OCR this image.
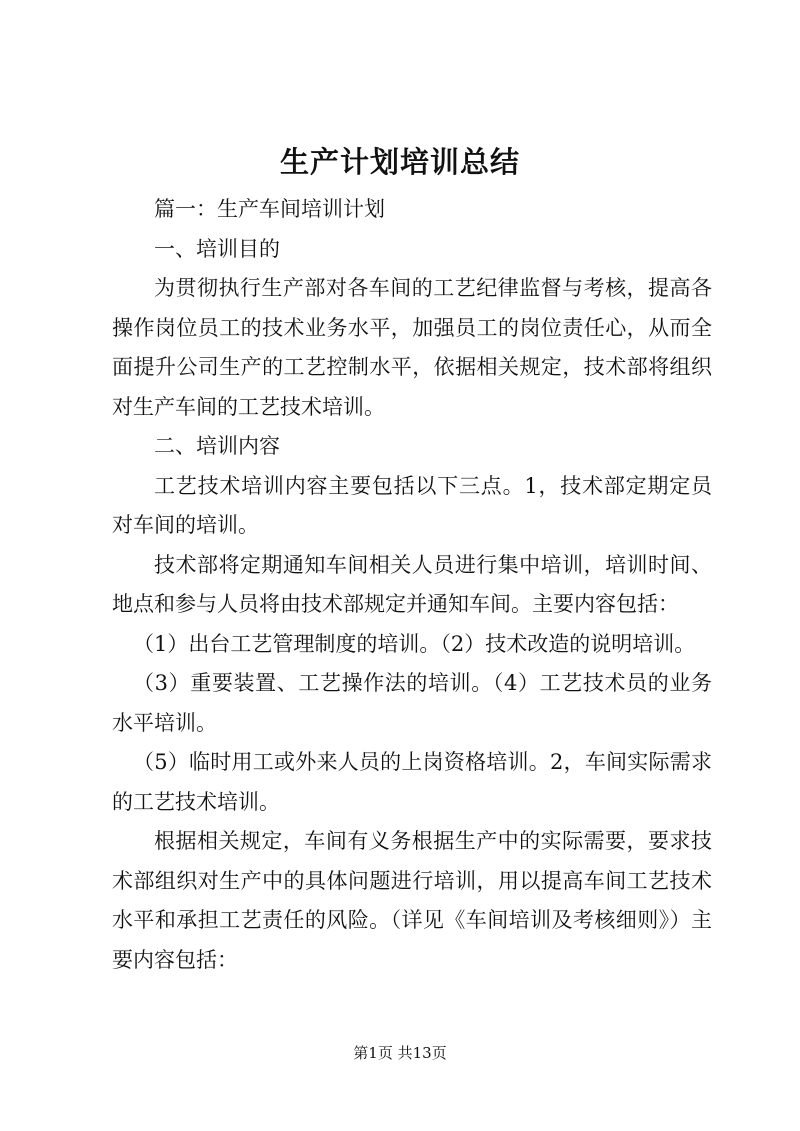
生产计划培训总结

篇一：生产车间培训计划

一、培训目的

为贯彻执行生产部对各车间的工艺纪律监督与考核，提高各操作岗位员工的技术业务水平，加强员工的岗位责任心，从而全面提升公司生产的工艺控制水平，依据相关规定，技术部将组织对生产车间的工艺技术培训。

二、培训内容

工艺技术培训内容主要包括以下三点。1，技术部定期定员对车间的培训。

技术部将定期通知车间相关人员进行集中培训，培训时间、地点和参与人员将由技术部规定并通知车间。主要内容包括：

（1）出台工艺管理制度的培训。（2）技术改造的说明培训。

（3）重要装置、工艺操作法的培训。（4）工艺技术员的业务水平培训。

（5）临时用工或外来人员的上岗资格培训。2，车间实际需求的工艺技术培训。

根据相关规定，车间有义务根据生产中的实际需要，要求技术部组织对生产中的具体问题进行培训，用以提高车间工艺技术水平和承担工艺责任的风险。（详见《车间培训及考核细则》）主要内容包括：

第1页 共13页
